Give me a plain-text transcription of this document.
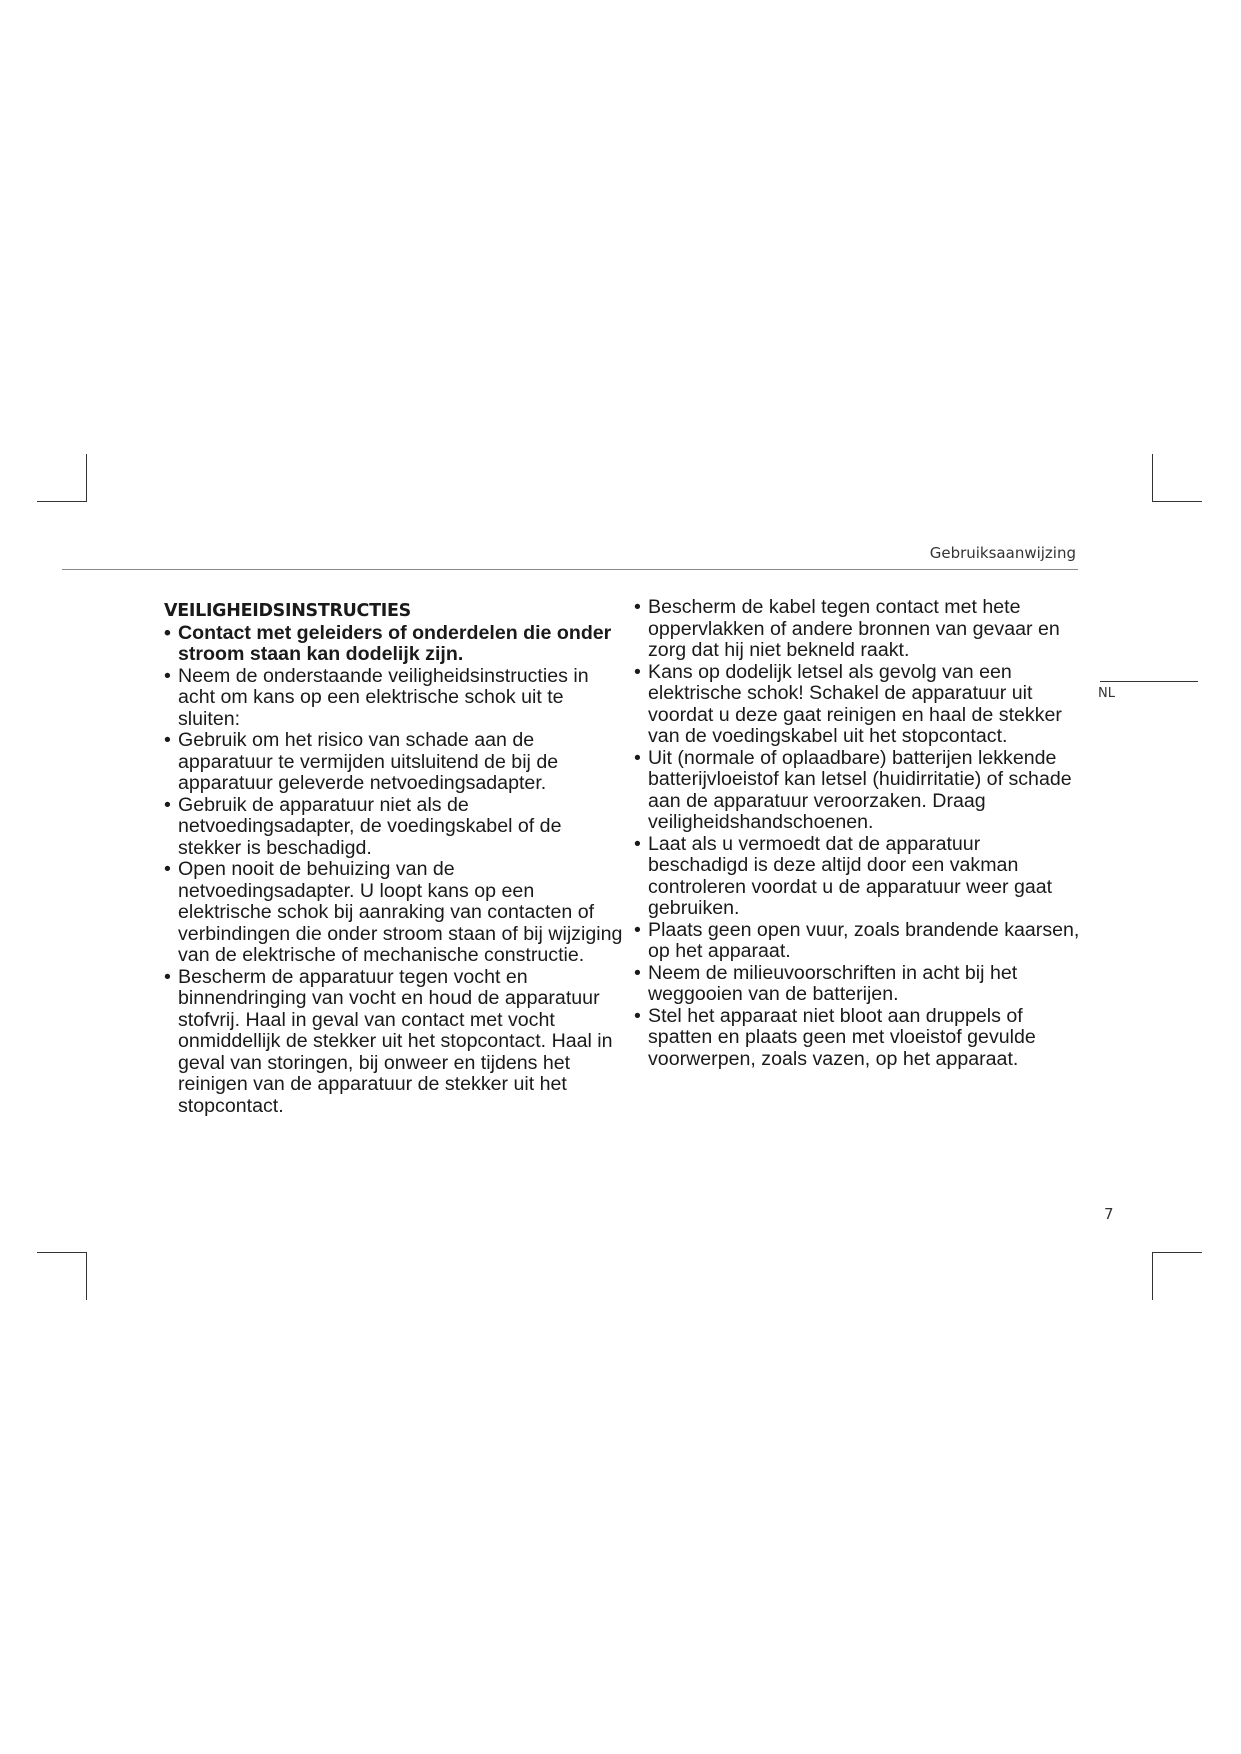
Gebruiksaanwijzing
NL
VEILIGHEIDSINSTRUCTIES
• Contact met geleiders of onderdelen die onder stroom staan kan dodelijk zijn.
• Neem de onderstaande veiligheidsinstructies in acht om kans op een elektrische schok uit te sluiten:
• Gebruik om het risico van schade aan de apparatuur te vermijden uitsluitend de bij de apparatuur geleverde netvoedingsadapter.
• Gebruik de apparatuur niet als de netvoedingsadapter, de voedingskabel of de stekker is beschadigd.
• Open nooit de behuizing van de netvoedingsadapter. U loopt kans op een elektrische schok bij aanraking van contacten of verbindingen die onder stroom staan of bij wijziging van de elektrische of mechanische constructie.
• Bescherm de apparatuur tegen vocht en binnendringing van vocht en houd de apparatuur stofvrij. Haal in geval van contact met vocht onmiddellijk de stekker uit het stopcontact. Haal in geval van storingen, bij onweer en tijdens het reinigen van de apparatuur de stekker uit het stopcontact.
• Bescherm de kabel tegen contact met hete oppervlakken of andere bronnen van gevaar en zorg dat hij niet bekneld raakt.
• Kans op dodelijk letsel als gevolg van een elektrische schok! Schakel de apparatuur uit voordat u deze gaat reinigen en haal de stekker van de voedingskabel uit het stopcontact.
• Uit (normale of oplaadbare) batterijen lekkende batterijvloeistof kan letsel (huidirritatie) of schade aan de apparatuur veroorzaken. Draag veiligheidshandschoenen.
• Laat als u vermoedt dat de apparatuur beschadigd is deze altijd door een vakman controleren voordat u de apparatuur weer gaat gebruiken.
• Plaats geen open vuur, zoals brandende kaarsen, op het apparaat.
• Neem de milieuvoorschriften in acht bij het weggooien van de batterijen.
• Stel het apparaat niet bloot aan druppels of spatten en plaats geen met vloeistof gevulde voorwerpen, zoals vazen, op het apparaat.
7
